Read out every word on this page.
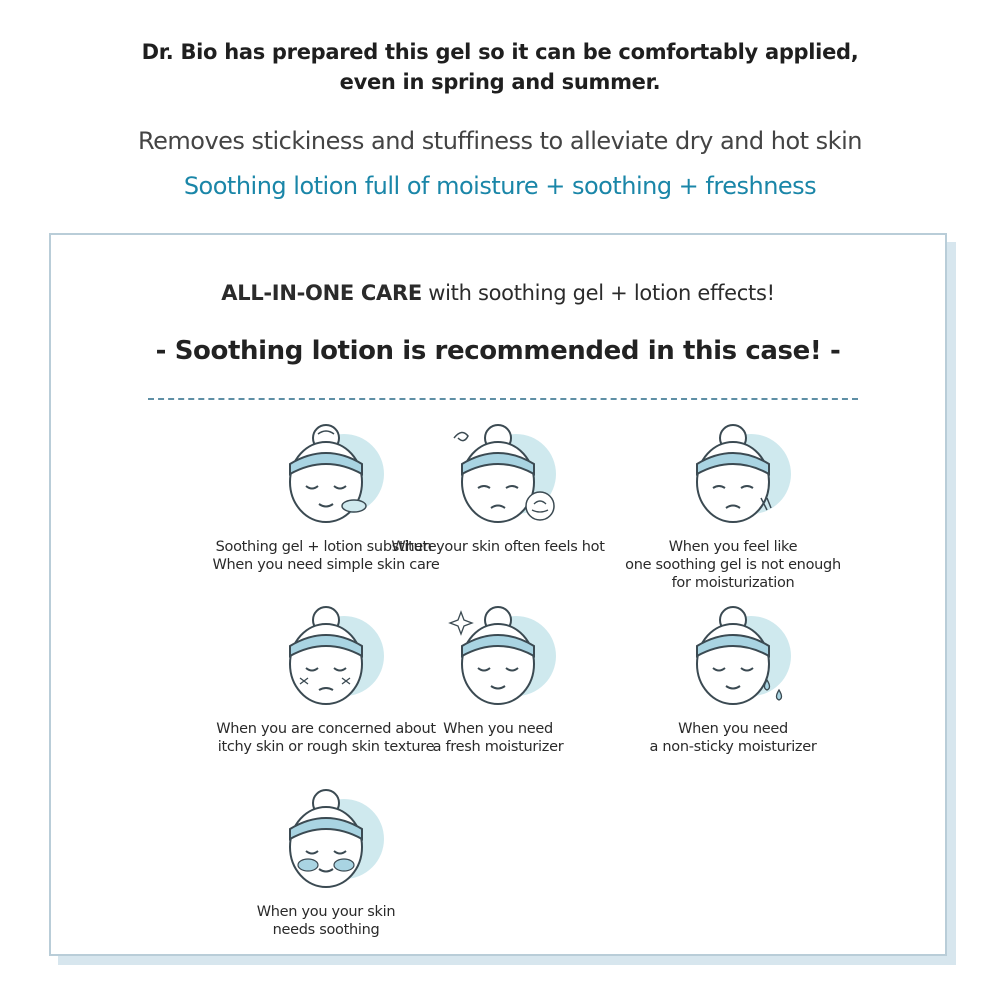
Dr. Bio has prepared this gel so it can be comfortably applied,

even in spring and summer.

Removes stickiness and stuffiness to alleviate dry and hot skin

Soothing lotion full of moisture + soothing + freshness

ALL-IN-ONE CARE with soothing gel + lotion effects!

- Soothing lotion is recommended in this case! -

Soothing gel + lotion substitute
When you need simple skin care
When your skin often feels hot	When you feel like
one soothing gel is not enough
for moisturization
When you are concerned about
itchy skin or rough skin texture
When you need
a fresh moisturizer
When you need
a non-sticky moisturizer
When you your skin
needs soothing
